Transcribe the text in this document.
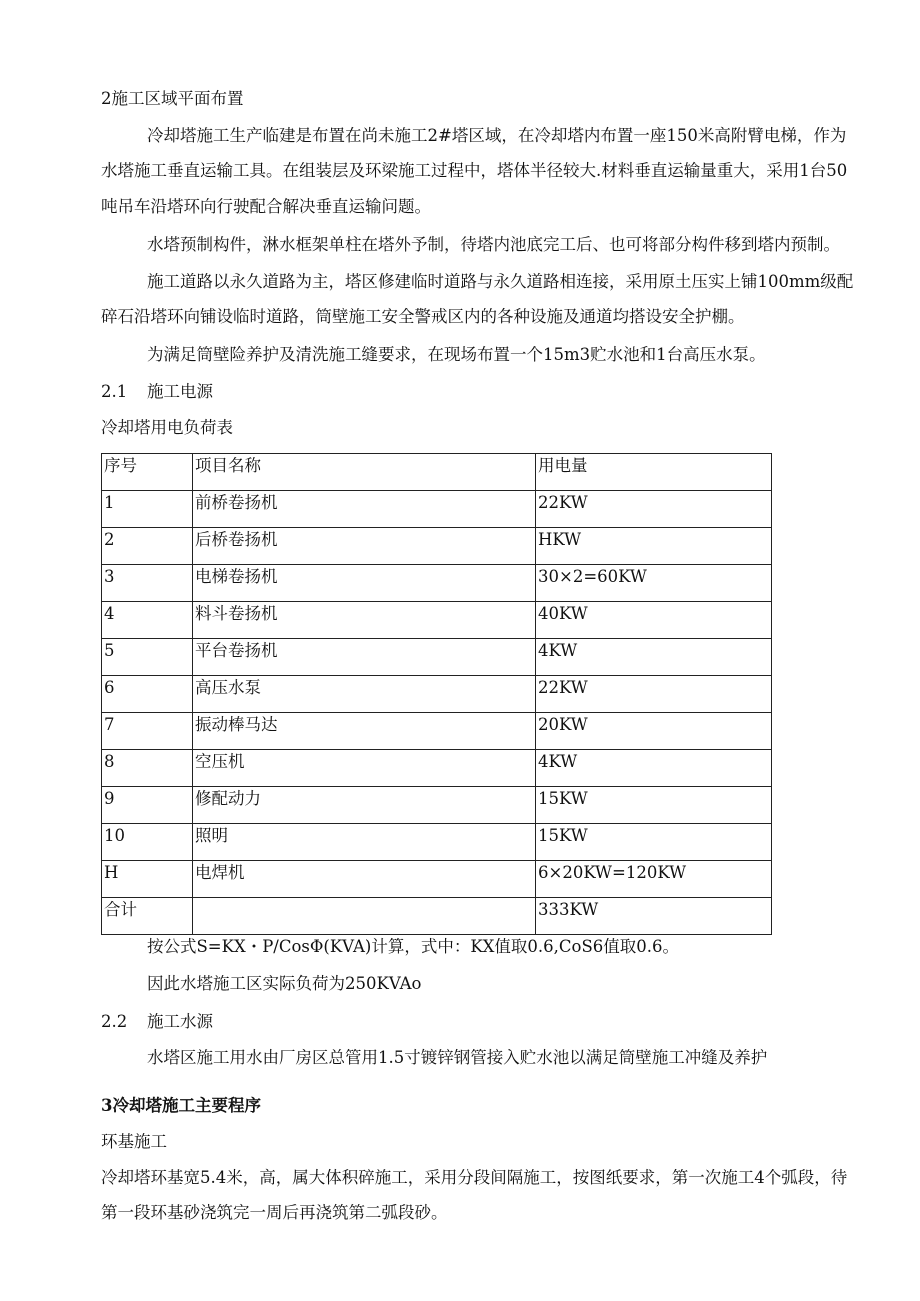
2施工区域平面布置
冷却塔施工生产临建是布置在尚未施工2#塔区域，在冷却塔内布置一座150米高附臂电梯，作为
水塔施工垂直运输工具。在组装层及环梁施工过程中，塔体半径较大.材料垂直运输量重大，采用1台50
吨吊车沿塔环向行驶配合解决垂直运输问题。
水塔预制构件，淋水框架单柱在塔外予制，待塔内池底完工后、也可将部分构件移到塔内预制。
施工道路以永久道路为主，塔区修建临时道路与永久道路相连接，采用原土压实上铺100mm级配
碎石沿塔环向铺设临时道路，筒壁施工安全警戒区内的各种设施及通道均搭设安全护棚。
为满足筒壁险养护及清洗施工缝要求，在现场布置一个15m3贮水池和1台高压水泵。
2.1 施工电源
冷却塔用电负荷表
序号	项目名称	用电量
1	前桥卷扬机	22KW
2	后桥卷扬机	HKW
3	电梯卷扬机	30×2=60KW
4	料斗卷扬机	40KW
5	平台卷扬机	4KW
6	高压水泵	22KW
7	振动棒马达	20KW
8	空压机	4KW
9	修配动力	15KW
10	照明	15KW
H	电焊机	6×20KW=120KW
合计		333KW
按公式S=KX・P/CosΦ(KVA)计算，式中：KX值取0.6,CoS6值取0.6。
因此水塔施工区实际负荷为250KVAo
2.2 施工水源
水塔区施工用水由厂房区总管用1.5寸镀锌钢管接入贮水池以满足筒壁施工冲缝及养护
3冷却塔施工主要程序
环基施工
冷却塔环基宽5.4米，高，属大体积碎施工，采用分段间隔施工，按图纸要求，第一次施工4个弧段，待
第一段环基砂浇筑完一周后再浇筑第二弧段砂。
